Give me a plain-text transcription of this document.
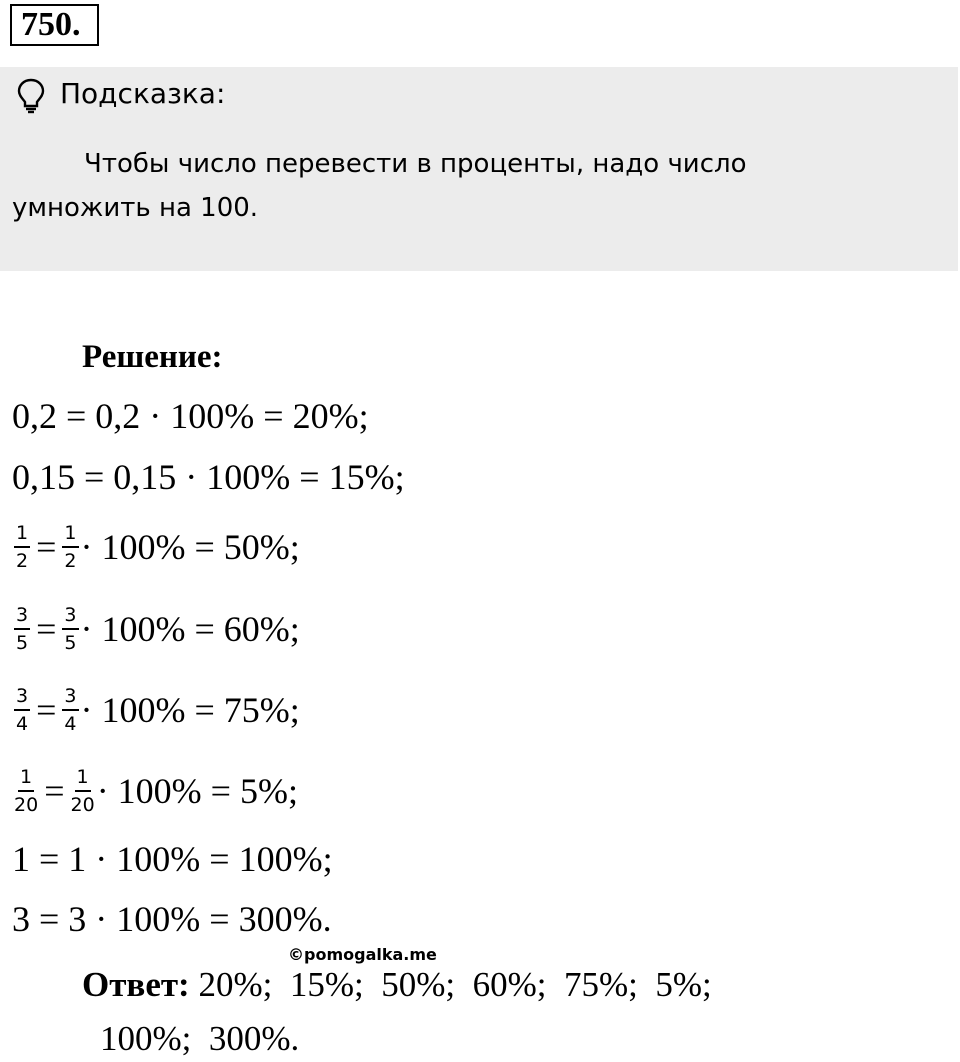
750.
Подсказка:
Чтобы число перевести в проценты, надо число умножить на 100.
Решение:
0,2 = 0,2 · 100% = 20%;
0,15 = 0,15 · 100% = 15%;
$\frac{1}{2} = \frac{1}{2} \cdot 100\% = 50\%$;
$\frac{3}{5} = \frac{3}{5} \cdot 100\% = 60\%$;
$\frac{3}{4} = \frac{3}{4} \cdot 100\% = 75\%$;
$\frac{1}{20} = \frac{1}{20} \cdot 100\% = 5\%$;
1 = 1 · 100% = 100%;
3 = 3 · 100% = 300%.
©pomogalka.me
Ответ: 20%;  15%;  50%;  60%;  75%;  5%;
100%;  300%.
